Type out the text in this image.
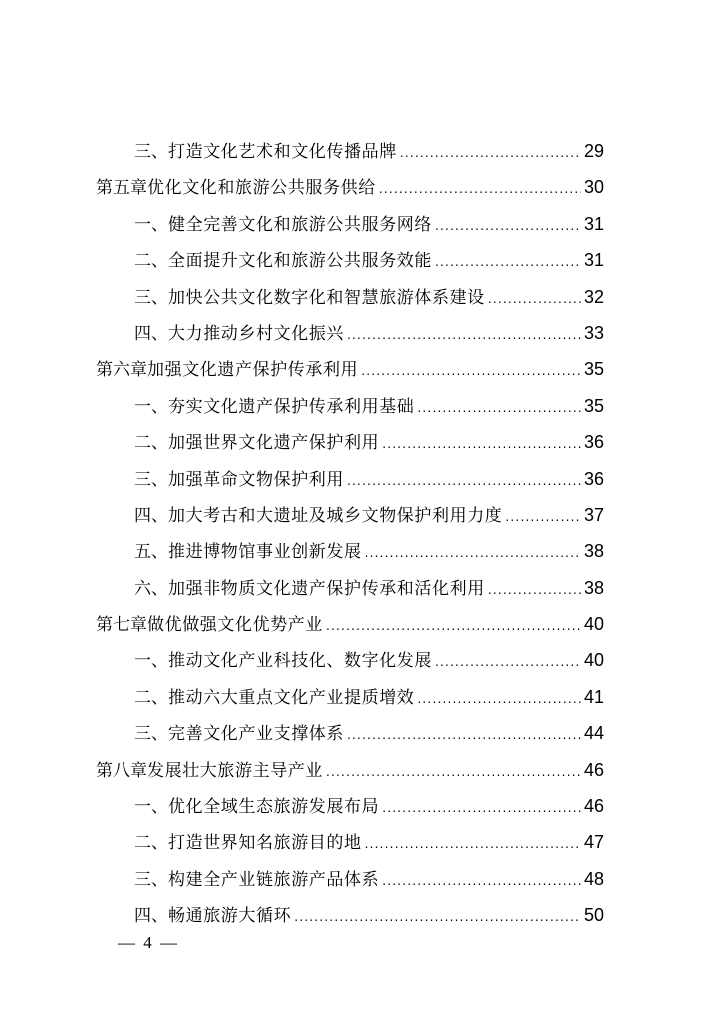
三、 打造文化艺术和文化传播品牌 .....	29
第五章 优化文化和旅游公共服务供给 .....	30
一、 健全完善文化和旅游公共服务网络 .....	31
二、 全面提升文化和旅游公共服务效能 .....	31
三、 加快公共文化数字化和智慧旅游体系建设 .....	32
四、 大力推动乡村文化振兴 .....	33
第六章 加强文化遗产保护传承利用 .....	35
一、 夯实文化遗产保护传承利用基础 .....	35
二、 加强世界文化遗产保护利用 .....	36
三、 加强革命文物保护利用 .....	36
四、 加大考古和大遗址及城乡文物保护利用力度 .....	37
五、 推进博物馆事业创新发展 .....	38
六、 加强非物质文化遗产保护传承和活化利用 .....	38
第七章 做优做强文化优势产业 .....	40
一、 推动文化产业科技化、数字化发展 .....	40
二、 推动六大重点文化产业提质增效 .....	41
三、 完善文化产业支撑体系 .....	44
第八章 发展壮大旅游主导产业 .....	46
一、 优化全域生态旅游发展布局 .....	46
二、 打造世界知名旅游目的地 .....	47
三、 构建全产业链旅游产品体系 .....	48
四、 畅通旅游大循环 .....	50
— 4 —
